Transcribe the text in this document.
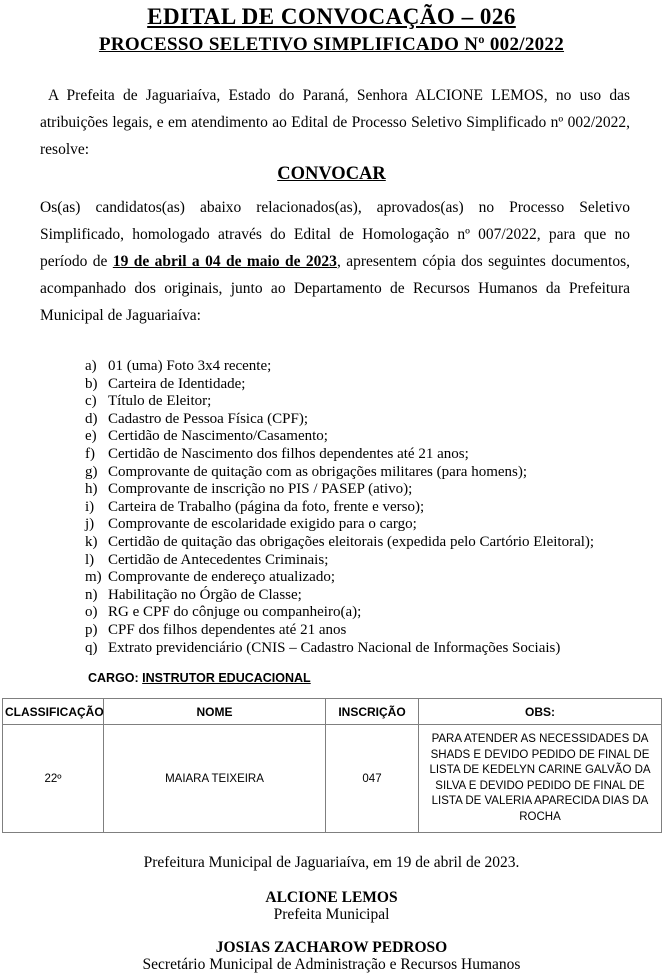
EDITAL DE CONVOCAÇÃO – 026
PROCESSO SELETIVO SIMPLIFICADO Nº 002/2022

A Prefeita de Jaguariaíva, Estado do Paraná, Senhora ALCIONE LEMOS, no uso das atribuições legais, e em atendimento ao Edital de Processo Seletivo Simplificado nº 002/2022, resolve:

CONVOCAR

Os(as) candidatos(as) abaixo relacionados(as), aprovados(as) no Processo Seletivo Simplificado, homologado através do Edital de Homologação nº 007/2022, para que no período de 19 de abril a 04 de maio de 2023, apresentem cópia dos seguintes documentos, acompanhado dos originais, junto ao Departamento de Recursos Humanos da Prefeitura Municipal de Jaguariaíva:

a) 01 (uma) Foto 3x4 recente;
b) Carteira de Identidade;
c) Título de Eleitor;
d) Cadastro de Pessoa Física (CPF);
e) Certidão de Nascimento/Casamento;
f) Certidão de Nascimento dos filhos dependentes até 21 anos;
g) Comprovante de quitação com as obrigações militares (para homens);
h) Comprovante de inscrição no PIS / PASEP (ativo);
i) Carteira de Trabalho (página da foto, frente e verso);
j) Comprovante de escolaridade exigido para o cargo;
k) Certidão de quitação das obrigações eleitorais (expedida pelo Cartório Eleitoral);
l) Certidão de Antecedentes Criminais;
m) Comprovante de endereço atualizado;
n) Habilitação no Órgão de Classe;
o) RG e CPF do cônjuge ou companheiro(a);
p) CPF dos filhos dependentes até 21 anos
q) Extrato previdenciário (CNIS – Cadastro Nacional de Informações Sociais)

CARGO: INSTRUTOR EDUCACIONAL

CLASSIFICAÇÃO	NOME	INSCRIÇÃO	OBS:
22º	MAIARA TEIXEIRA	047	PARA ATENDER AS NECESSIDADES DA SHADS E DEVIDO PEDIDO DE FINAL DE LISTA DE KEDELYN CARINE GALVÃO DA SILVA E DEVIDO PEDIDO DE FINAL DE LISTA DE VALERIA APARECIDA DIAS DA ROCHA

Prefeitura Municipal de Jaguariaíva, em 19 de abril de 2023.

ALCIONE LEMOS
Prefeita Municipal
JOSIAS ZACHAROW PEDROSO
Secretário Municipal de Administração e Recursos Humanos
